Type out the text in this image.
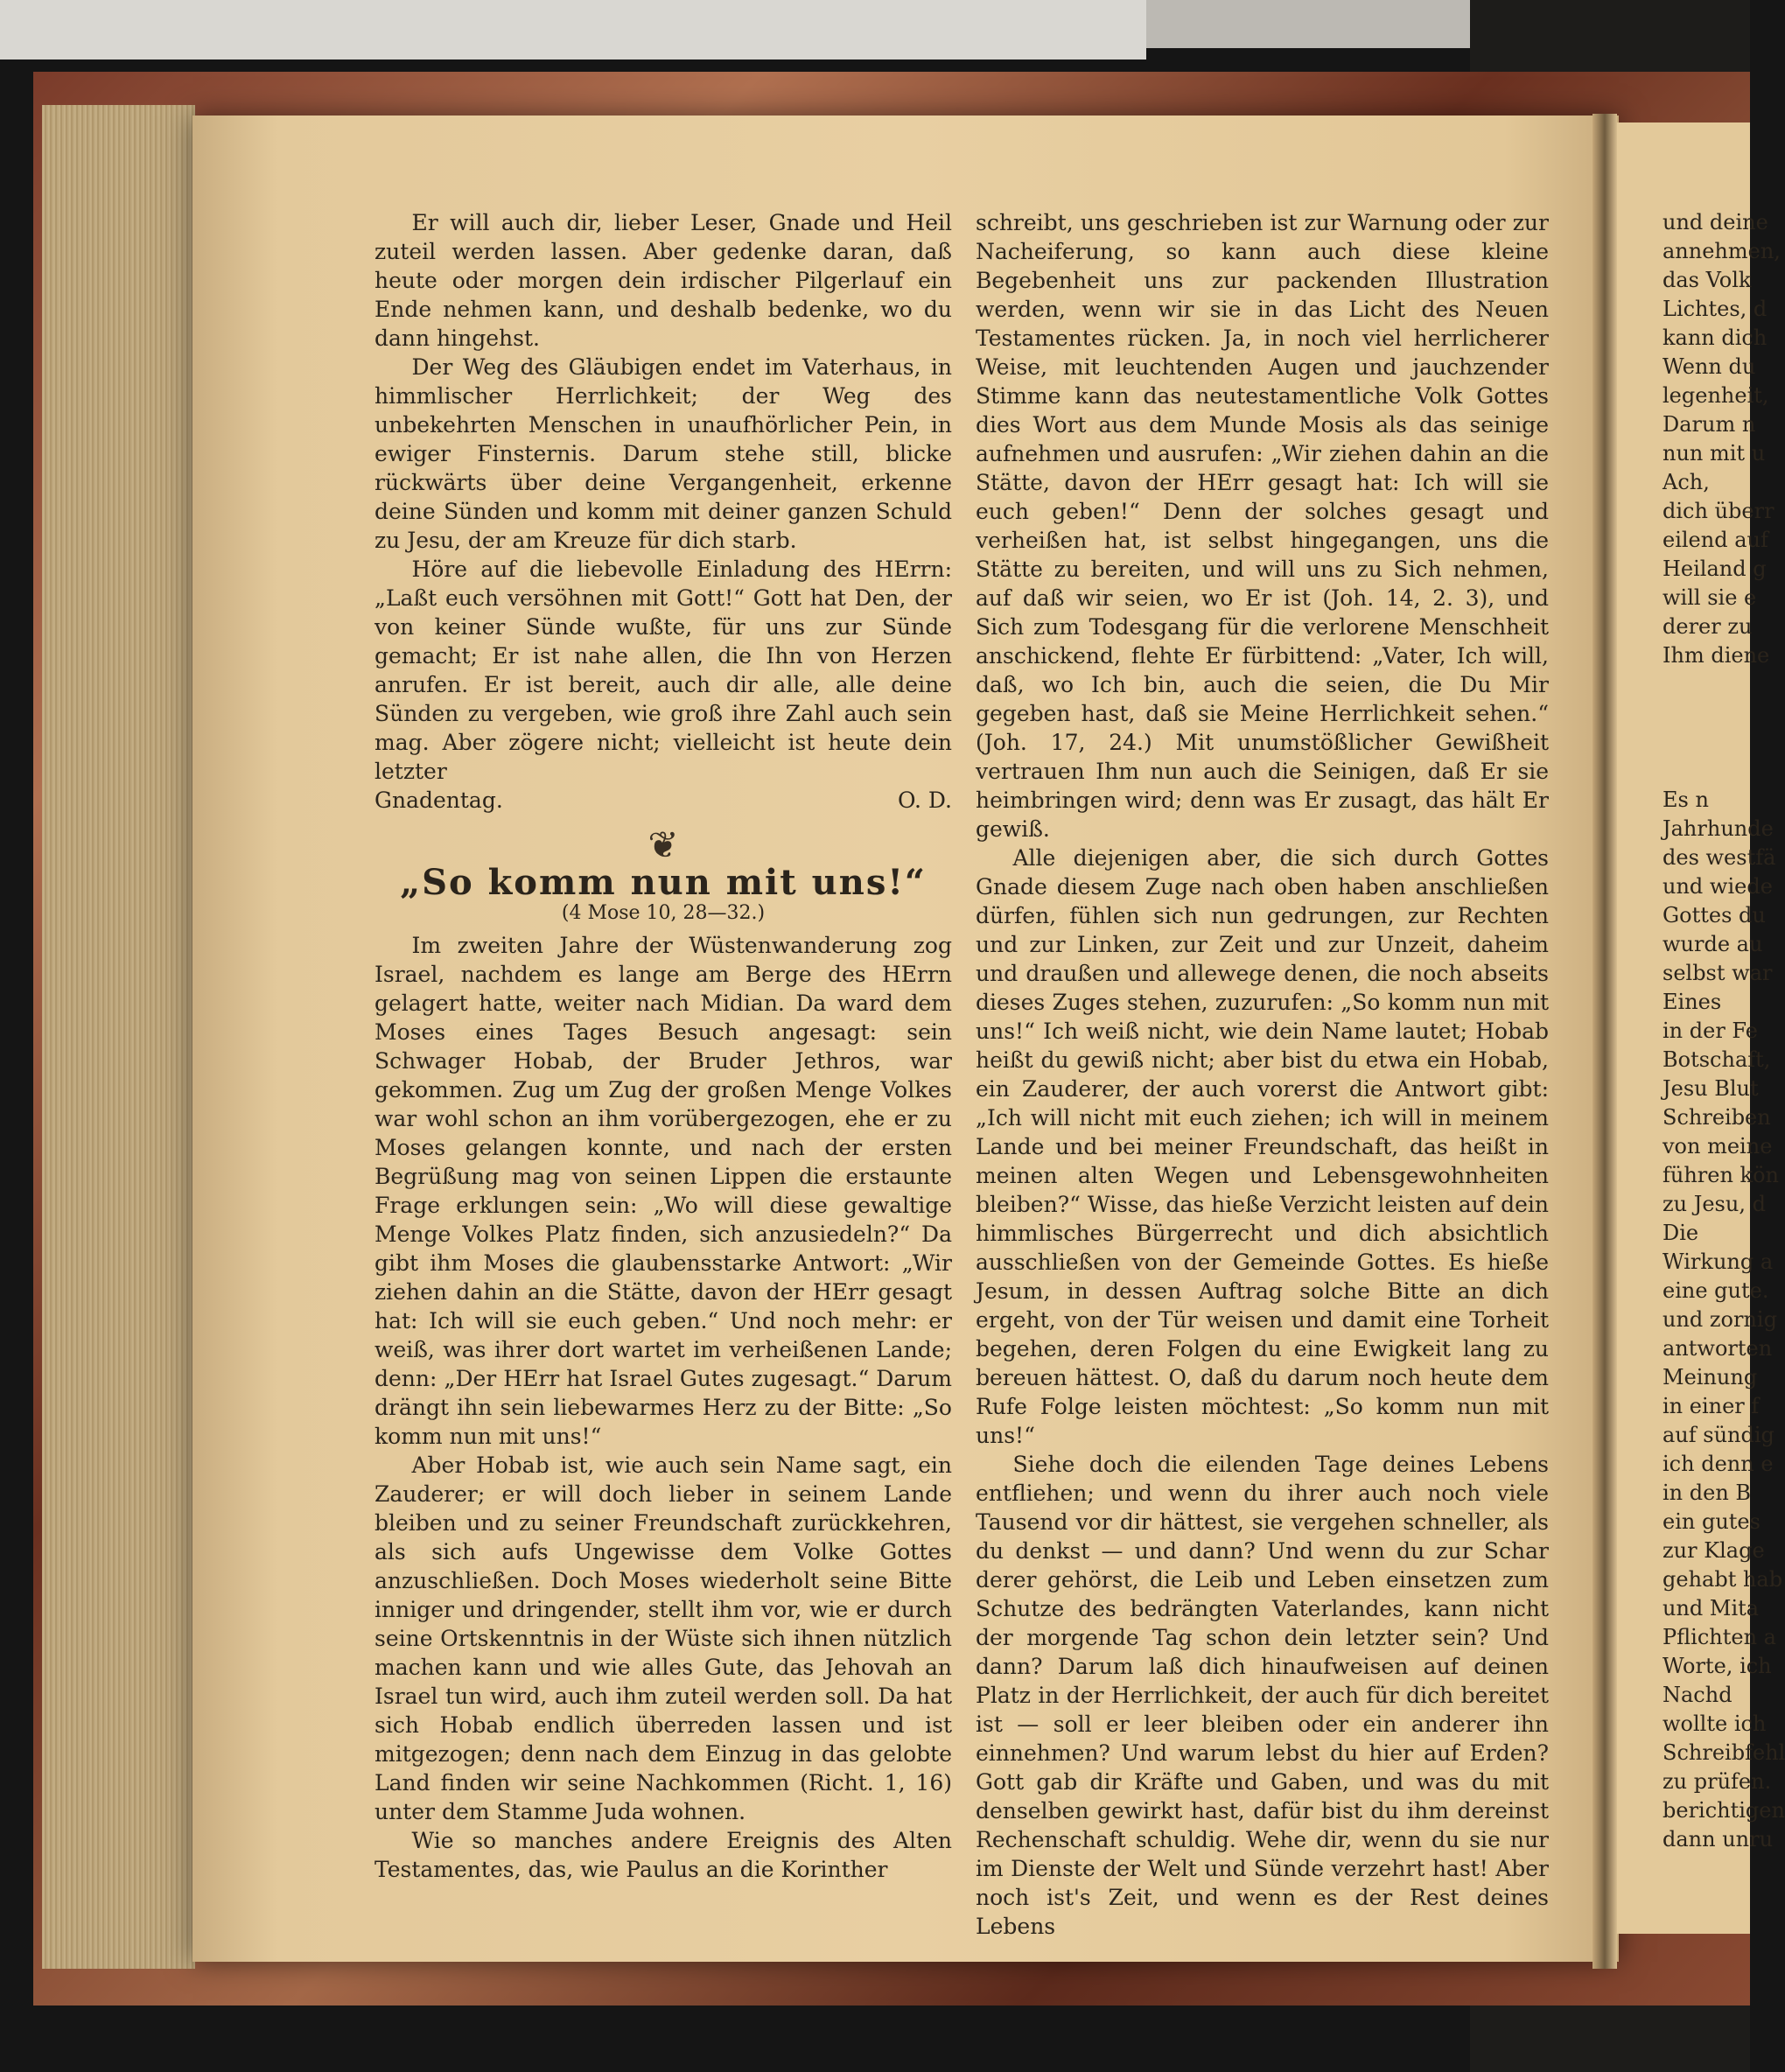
Er will auch dir, lieber Leser, Gnade und Heil zuteil werden lassen. Aber gedenke daran, daß heute oder morgen dein irdischer Pilgerlauf ein Ende nehmen kann, und deshalb bedenke, wo du dann hingehst.

Der Weg des Gläubigen endet im Vaterhaus, in himmlischer Herrlichkeit; der Weg des unbekehrten Menschen in unaufhörlicher Pein, in ewiger Finsternis. Darum stehe still, blicke rückwärts über deine Vergangenheit, erkenne deine Sünden und komm mit deiner ganzen Schuld zu Jesu, der am Kreuze für dich starb.

Höre auf die liebevolle Einladung des HErrn: „Laßt euch versöhnen mit Gott!“ Gott hat Den, der von keiner Sünde wußte, für uns zur Sünde gemacht; Er ist nahe allen, die Ihn von Herzen anrufen. Er ist bereit, auch dir alle, alle deine Sünden zu vergeben, wie groß ihre Zahl auch sein mag. Aber zögere nicht; vielleicht ist heute dein letzter

Gnadentag.	O. D.
❦
„So komm nun mit uns!“
(4 Mose 10, 28—32.)

Im zweiten Jahre der Wüstenwanderung zog Israel, nachdem es lange am Berge des HErrn gelagert hatte, weiter nach Midian. Da ward dem Moses eines Tages Besuch angesagt: sein Schwager Hobab, der Bruder Jethros, war gekommen. Zug um Zug der großen Menge Volkes war wohl schon an ihm vorübergezogen, ehe er zu Moses gelangen konnte, und nach der ersten Begrüßung mag von seinen Lippen die erstaunte Frage erklungen sein: „Wo will diese gewaltige Menge Volkes Platz finden, sich anzusiedeln?“ Da gibt ihm Moses die glaubensstarke Antwort: „Wir ziehen dahin an die Stätte, davon der HErr gesagt hat: Ich will sie euch geben.“ Und noch mehr: er weiß, was ihrer dort wartet im verheißenen Lande; denn: „Der HErr hat Israel Gutes zugesagt.“ Darum drängt ihn sein liebewarmes Herz zu der Bitte: „So komm nun mit uns!“

Aber Hobab ist, wie auch sein Name sagt, ein Zauderer; er will doch lieber in seinem Lande bleiben und zu seiner Freundschaft zurückkehren, als sich aufs Ungewisse dem Volke Gottes anzuschließen. Doch Moses wiederholt seine Bitte inniger und dringender, stellt ihm vor, wie er durch seine Ortskenntnis in der Wüste sich ihnen nützlich machen kann und wie alles Gute, das Jehovah an Israel tun wird, auch ihm zuteil werden soll. Da hat sich Hobab endlich überreden lassen und ist mitgezogen; denn nach dem Einzug in das gelobte Land finden wir seine Nachkommen (Richt. 1, 16) unter dem Stamme Juda wohnen.

Wie so manches andere Ereignis des Alten Testamentes, das, wie Paulus an die Korinther

schreibt, uns geschrieben ist zur Warnung oder zur Nacheiferung, so kann auch diese kleine Begebenheit uns zur packenden Illustration werden, wenn wir sie in das Licht des Neuen Testamentes rücken. Ja, in noch viel herrlicherer Weise, mit leuchtenden Augen und jauchzender Stimme kann das neutestamentliche Volk Gottes dies Wort aus dem Munde Mosis als das seinige aufnehmen und ausrufen: „Wir ziehen dahin an die Stätte, davon der HErr gesagt hat: Ich will sie euch geben!“ Denn der solches gesagt und verheißen hat, ist selbst hingegangen, uns die Stätte zu bereiten, und will uns zu Sich nehmen, auf daß wir seien, wo Er ist (Joh. 14, 2. 3), und Sich zum Todesgang für die verlorene Menschheit anschickend, flehte Er fürbittend: „Vater, Ich will, daß, wo Ich bin, auch die seien, die Du Mir gegeben hast, daß sie Meine Herrlichkeit sehen.“ (Joh. 17, 24.) Mit unumstößlicher Gewißheit vertrauen Ihm nun auch die Seinigen, daß Er sie heimbringen wird; denn was Er zusagt, das hält Er gewiß.

Alle diejenigen aber, die sich durch Gottes Gnade diesem Zuge nach oben haben anschließen dürfen, fühlen sich nun gedrungen, zur Rechten und zur Linken, zur Zeit und zur Unzeit, daheim und draußen und allewege denen, die noch abseits dieses Zuges stehen, zuzurufen: „So komm nun mit uns!“ Ich weiß nicht, wie dein Name lautet; Hobab heißt du gewiß nicht; aber bist du etwa ein Hobab, ein Zauderer, der auch vorerst die Antwort gibt: „Ich will nicht mit euch ziehen; ich will in meinem Lande und bei meiner Freundschaft, das heißt in meinen alten Wegen und Lebensgewohnheiten bleiben?“ Wisse, das hieße Verzicht leisten auf dein himmlisches Bürgerrecht und dich absichtlich ausschließen von der Gemeinde Gottes. Es hieße Jesum, in dessen Auftrag solche Bitte an dich ergeht, von der Tür weisen und damit eine Torheit begehen, deren Folgen du eine Ewigkeit lang zu bereuen hättest. O, daß du darum noch heute dem Rufe Folge leisten möchtest: „So komm nun mit uns!“

Siehe doch die eilenden Tage deines Lebens entfliehen; und wenn du ihrer auch noch viele Tausend vor dir hättest, sie vergehen schneller, als du denkst — und dann? Und wenn du zur Schar derer gehörst, die Leib und Leben einsetzen zum Schutze des bedrängten Vaterlandes, kann nicht der morgende Tag schon dein letzter sein? Und dann? Darum laß dich hinaufweisen auf deinen Platz in der Herrlichkeit, der auch für dich bereitet ist — soll er leer bleiben oder ein anderer ihn einnehmen? Und warum lebst du hier auf Erden? Gott gab dir Kräfte und Gaben, und was du mit denselben gewirkt hast, dafür bist du ihm dereinst Rechenschaft schuldig. Wehe dir, wenn du sie nur im Dienste der Welt und Sünde verzehrt hast! Aber noch ist's Zeit, und wenn es der Rest deines Lebens

und deine
annehmen,
das Volk
Lichtes, d
kann dich
Wenn du
legenheit,
Darum n
nun mit u
Ach,
dich überr
eilend auf
Heiland g
will sie e
derer zu
Ihm diene

Es n
Jahrhunde
des westfä
und wiede
Gottes du
wurde au
selbst war
Eines
in der Fe
Botschaft,
Jesu Blut
Schreiben
von meine
führen kön
zu Jesu, d
Die
Wirkung a
eine gute.
und zornig
antworten
Meinung
in einer f
auf sündig
ich denn e
in den B
ein gutes
zur Klage
gehabt hab
und Mita
Pflichten a
Worte, ich
Nachd
wollte ich
Schreibfehl
zu prüfen.
berichtigen
dann unru
